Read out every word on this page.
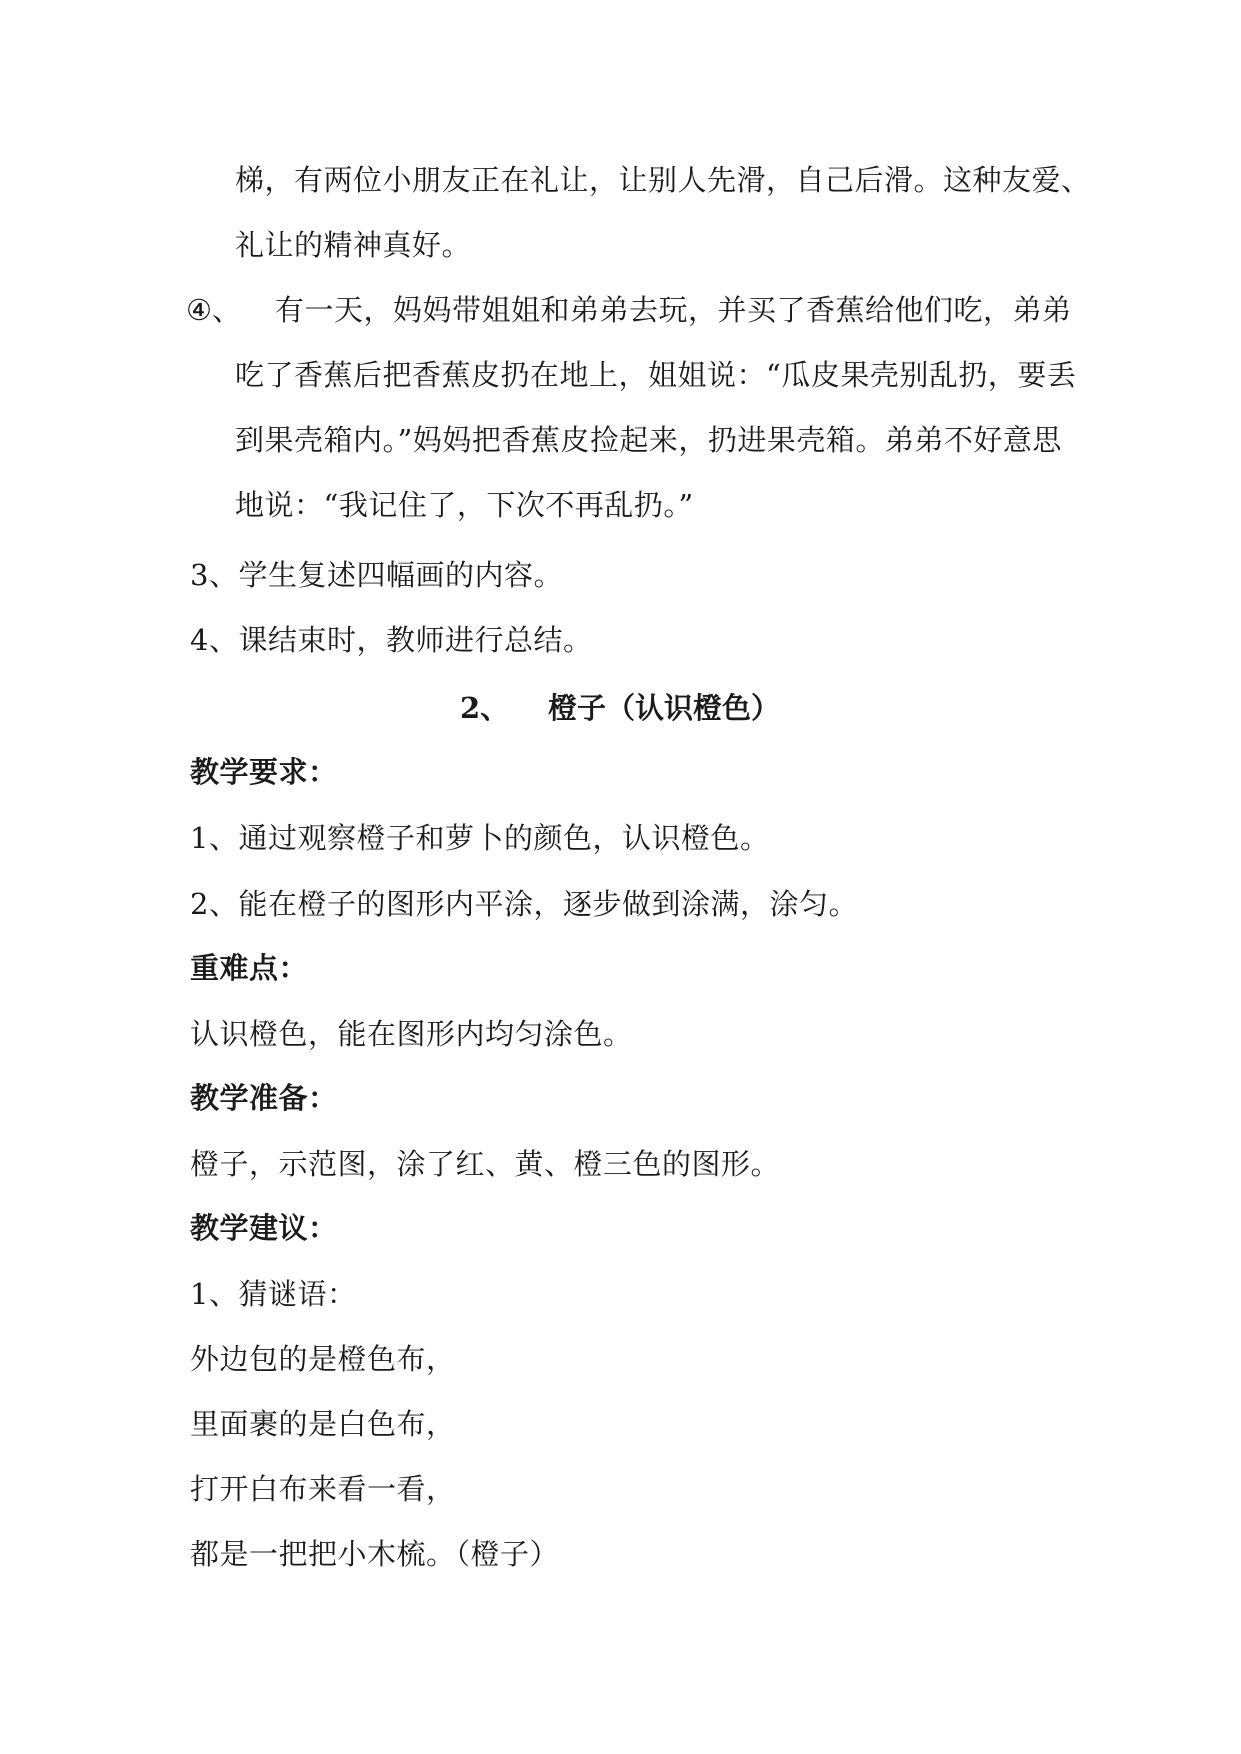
梯，有两位小朋友正在礼让，让别人先滑，自己后滑。这种友爱、
礼让的精神真好。
④、 有一天，妈妈带姐姐和弟弟去玩，并买了香蕉给他们吃，弟弟
吃了香蕉后把香蕉皮扔在地上，姐姐说：“瓜皮果壳别乱扔，要丢
到果壳箱内。”妈妈把香蕉皮捡起来，扔进果壳箱。弟弟不好意思
地说：“我记住了，下次不再乱扔。”
3、学生复述四幅画的内容。
4、课结束时，教师进行总结。
2、 橙子（认识橙色）
教学要求：
1、通过观察橙子和萝卜的颜色，认识橙色。
2、能在橙子的图形内平涂，逐步做到涂满，涂匀。
重难点：
认识橙色，能在图形内均匀涂色。
教学准备：
橙子，示范图，涂了红、黄、橙三色的图形。
教学建议：
1、猜谜语：
外边包的是橙色布，
里面裹的是白色布，
打开白布来看一看，
都是一把把小木梳。（橙子）
